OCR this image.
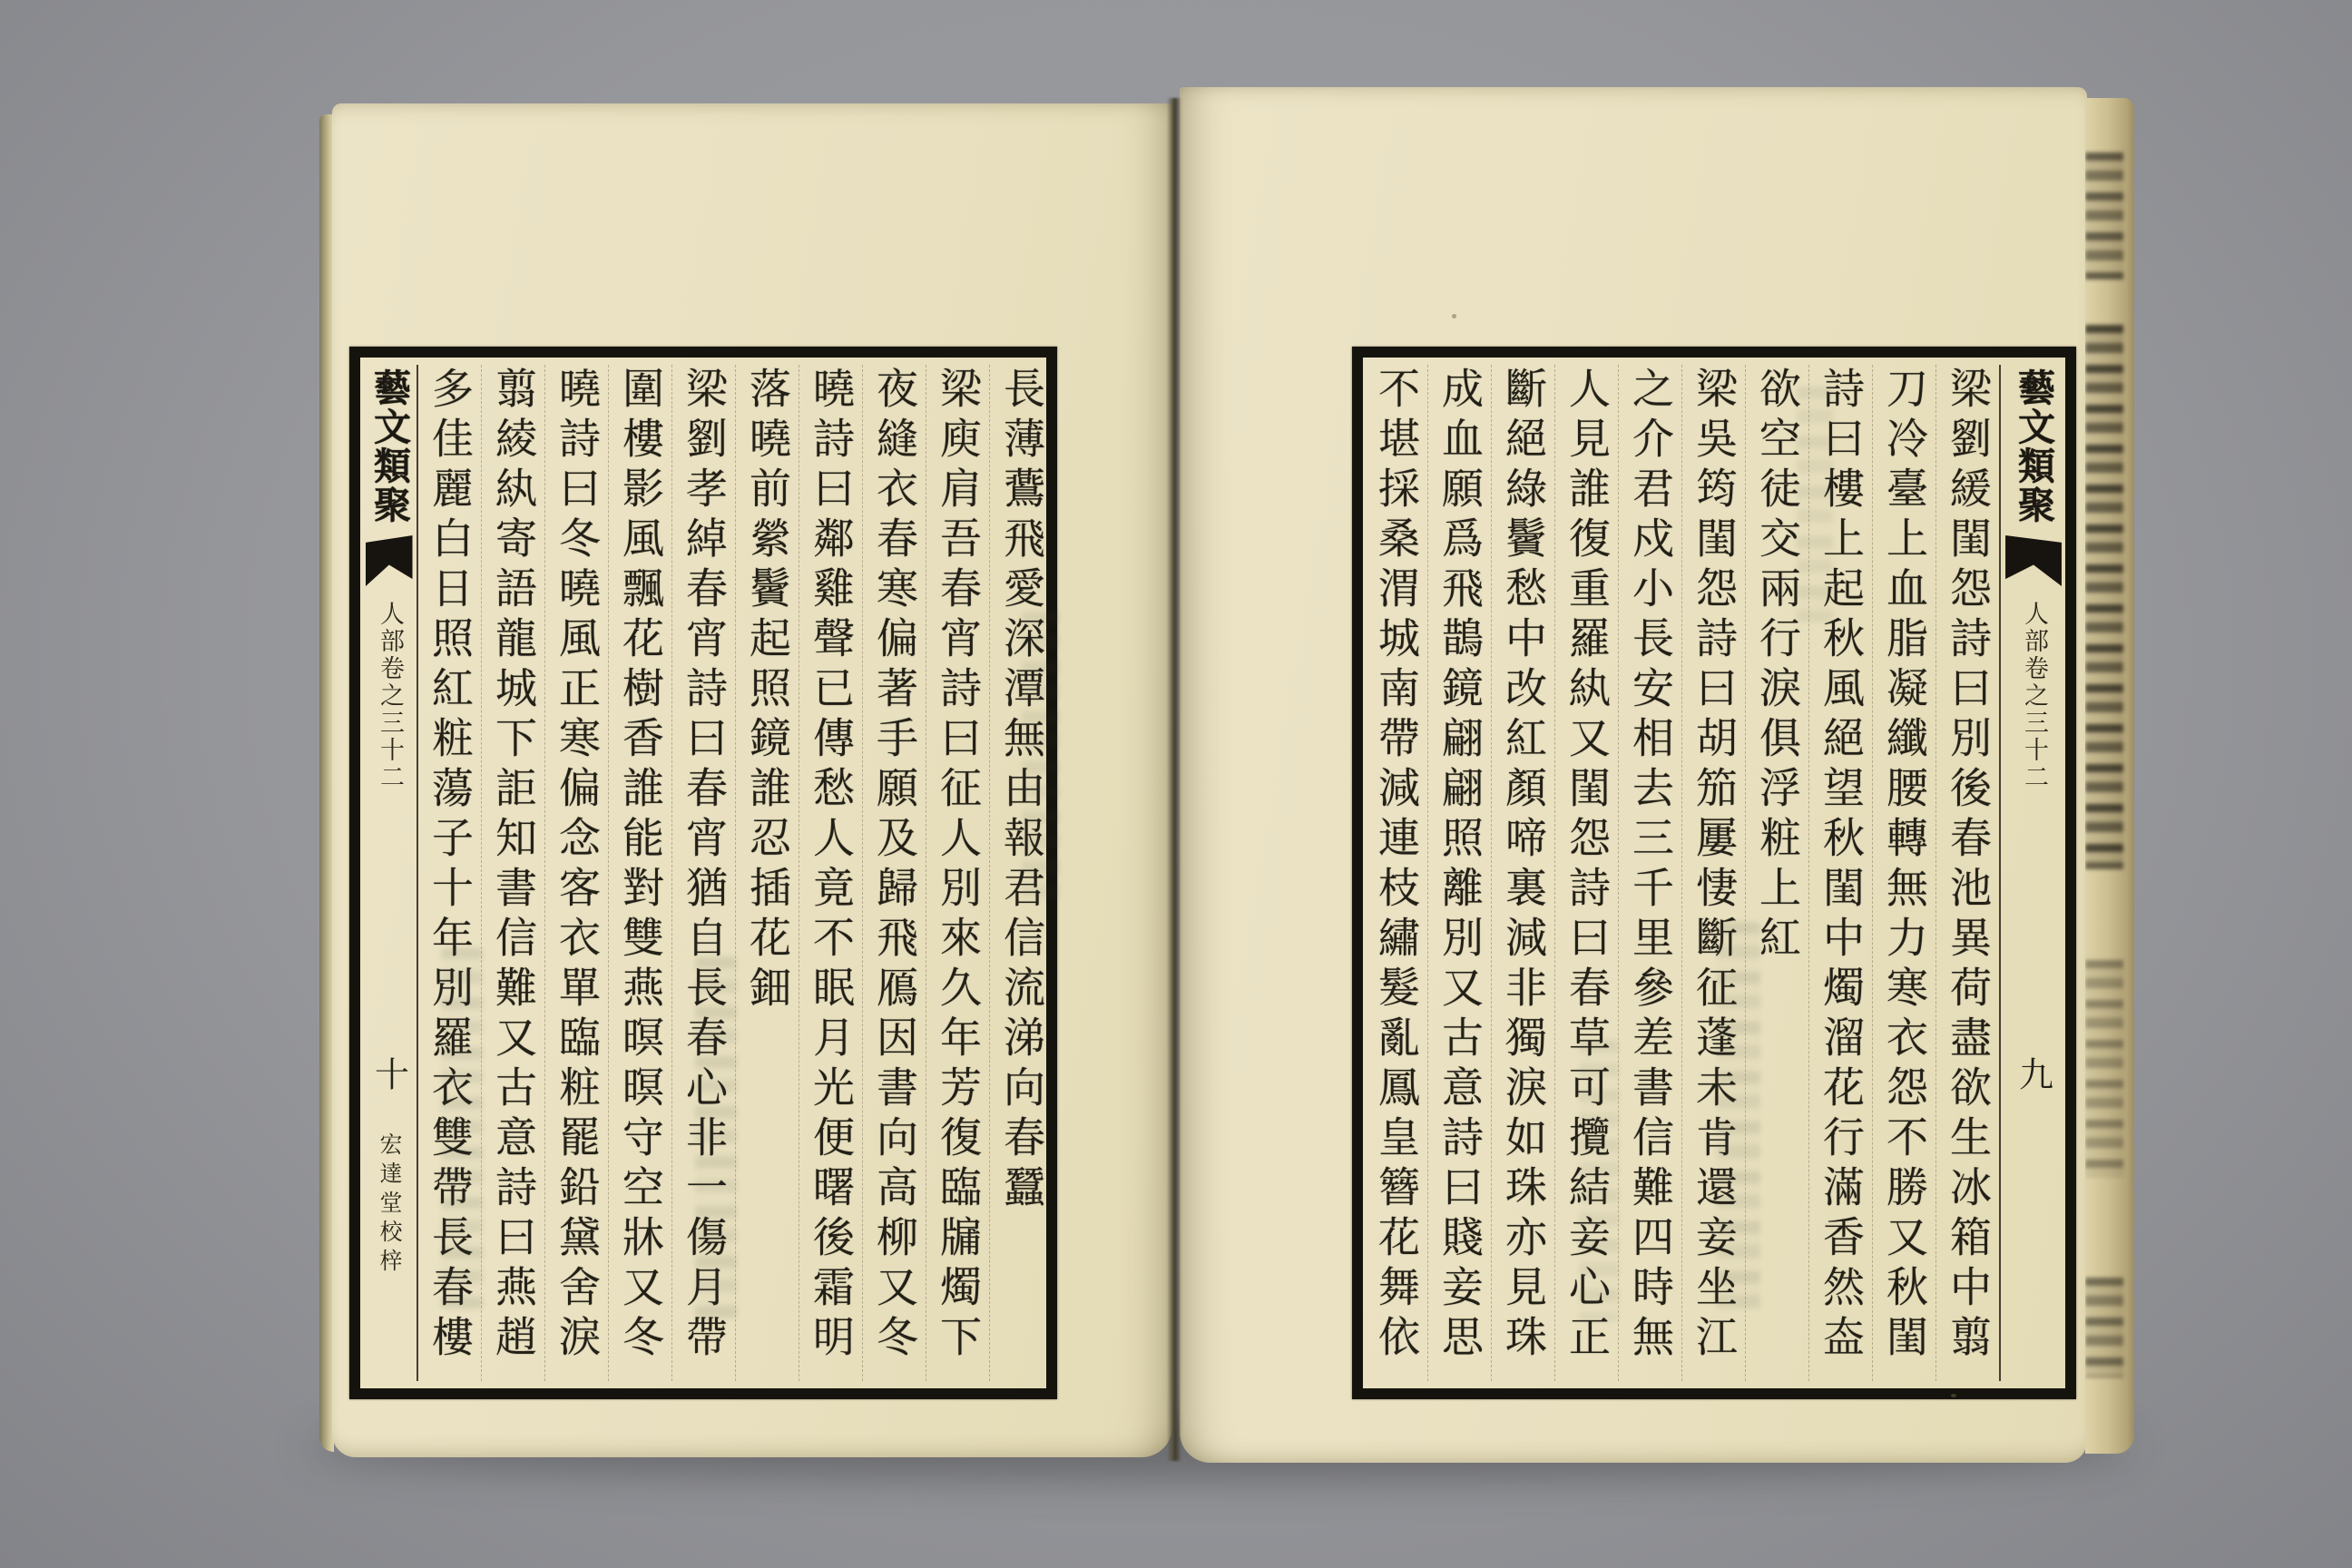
藝文類聚
人部卷之三十二
十
宏達堂校梓 多佳麗白日照紅粧蕩子十年別羅衣雙帶長春樓 翦綾紈寄語龍城下詎知書信難又古意詩曰燕趙 曉詩曰冬曉風正寒偏念客衣單臨粧罷鉛黛舍淚 圍樓影風飄花樹香誰能對雙燕暝暝守空牀又冬 梁劉孝綽春宵詩曰春宵猶自長春心非一傷月帶 落曉前縈鬢起照鏡誰忍插花鈿 曉詩曰鄰雞聲已傳愁人竟不眠月光便曙後霜明 夜縫衣春寒偏著手願及歸飛鴈因書向高柳又冬 梁庾肩吾春宵詩曰征人別來久年芳復臨牖燭下 長薄鷰飛愛深潭無由報君信流涕向春蠶	不堪採桑渭城南帶減連枝繡髮亂鳳皇簪花舞依 成血願爲飛鵲鏡翩翩照離別又古意詩曰賤妾思 斷絕綠鬢愁中改紅顏啼裏減非獨淚如珠亦見珠 人見誰復重羅紈又閨怨詩曰春草可攬結妾心正 之介君戍小長安相去三千里參差書信難四時無 梁吳筠閨怨詩曰胡笳屢悽斷征蓬未肯還妾坐江 欲空徒交兩行淚俱浮粧上紅 詩曰樓上起秋風絕望秋閨中燭溜花行滿香然盇 刀冷臺上血脂凝纖腰轉無力寒衣怨不勝又秋閨 梁劉緩閨怨詩曰別後春池異荷盡欲生冰箱中翦 藝文類聚
人部卷之三十二
九
